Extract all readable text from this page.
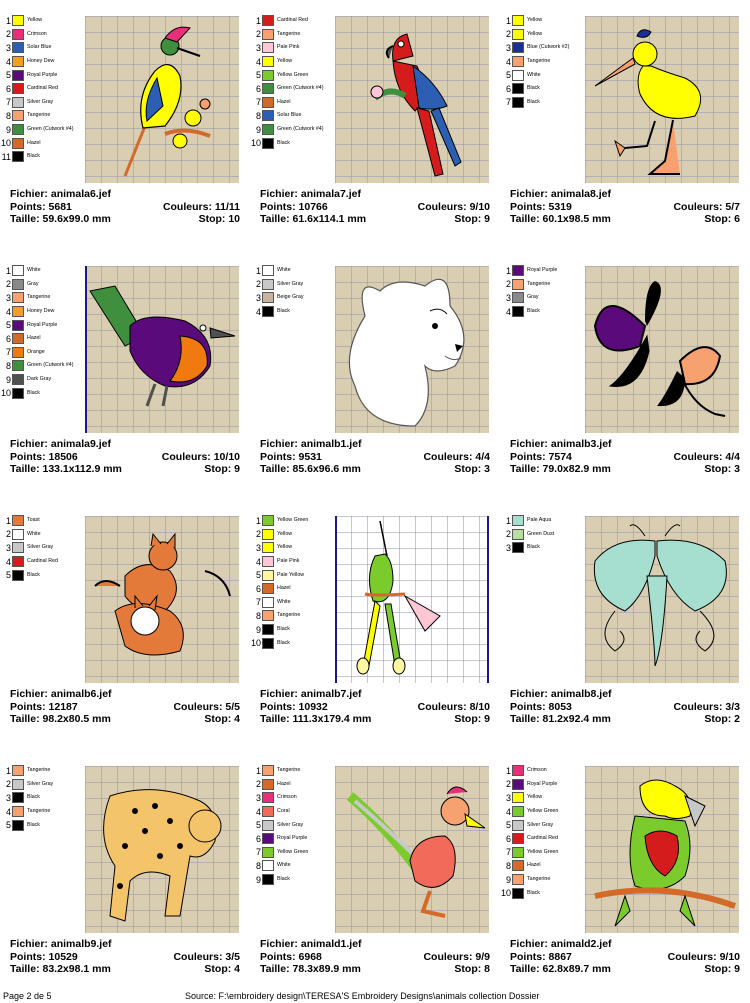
1	Yellow
2	Crimson
3	Solar Blue
4	Honey Dew
5	Royal Purple
6	Cardinal Red
7	Silver Gray
8	Tangerine
9	Green (Cutwork #4)
10	Hazel
11	Black
Fichier: animala6.jef
Points: 5681	Couleurs: 11/11
Taille: 59.6x99.0 mm	Stop: 10
1	Cardinal Red
2	Tangerine
3	Pale Pink
4	Yellow
5	Yellow Green
6	Green (Cutwork #4)
7	Hazel
8	Solar Blue
9	Green (Cutwork #4)
10	Black
Fichier: animala7.jef
Points: 10766	Couleurs: 9/10
Taille: 61.6x114.1 mm	Stop: 9
1	Yellow
2	Yellow
3	Blue (Cutwork #2)
4	Tangerine
5	White
6	Black
7	Black
Fichier: animala8.jef
Points: 5319	Couleurs: 5/7
Taille: 60.1x98.5 mm	Stop: 6
1	White
2	Gray
3	Tangerine
4	Honey Dew
5	Royal Purple
6	Hazel
7	Orange
8	Green (Cutwork #4)
9	Dark Gray
10	Black
Fichier: animala9.jef
Points: 18506	Couleurs: 10/10
Taille: 133.1x112.9 mm	Stop: 9
1	White
2	Silver Gray
3	Beige Gray
4	Black
Fichier: animalb1.jef
Points: 9531	Couleurs: 4/4
Taille: 85.6x96.6 mm	Stop: 3
1	Royal Purple
2	Tangerine
3	Gray
4	Black
Fichier: animalb3.jef
Points: 7574	Couleurs: 4/4
Taille: 79.0x82.9 mm	Stop: 3
1	Toast
2	White
3	Silver Gray
4	Cardinal Red
5	Black
Fichier: animalb6.jef
Points: 12187	Couleurs: 5/5
Taille: 98.2x80.5 mm	Stop: 4
1	Yellow Green
2	Yellow
3	Yellow
4	Pale Pink
5	Pale Yellow
6	Hazel
7	White
8	Tangerine
9	Black
10	Black
Fichier: animalb7.jef
Points: 10932	Couleurs: 8/10
Taille: 111.3x179.4 mm	Stop: 9
1	Pale Aqua
2	Green Dust
3	Black
Fichier: animalb8.jef
Points: 8053	Couleurs: 3/3
Taille: 81.2x92.4 mm	Stop: 2
1	Tangerine
2	Silver Gray
3	Black
4	Tangerine
5	Black
Fichier: animalb9.jef
Points: 10529	Couleurs: 3/5
Taille: 83.2x98.1 mm	Stop: 4
1	Tangerine
2	Hazel
3	Crimson
4	Coral
5	Silver Gray
6	Royal Purple
7	Yellow Green
8	White
9	Black
Fichier: animald1.jef
Points: 6968	Couleurs: 9/9
Taille: 78.3x89.9 mm	Stop: 8
1	Crimson
2	Royal Purple
3	Yellow
4	Yellow Green
5	Silver Gray
6	Cardinal Red
7	Yellow Green
8	Hazel
9	Tangerine
10	Black
Fichier: animald2.jef
Points: 8867	Couleurs: 9/10
Taille: 62.8x89.7 mm	Stop: 9
Page 2 de 5	Source: F:\embroidery design\TERESA'S Embroidery Designs\animals collection Dossier
